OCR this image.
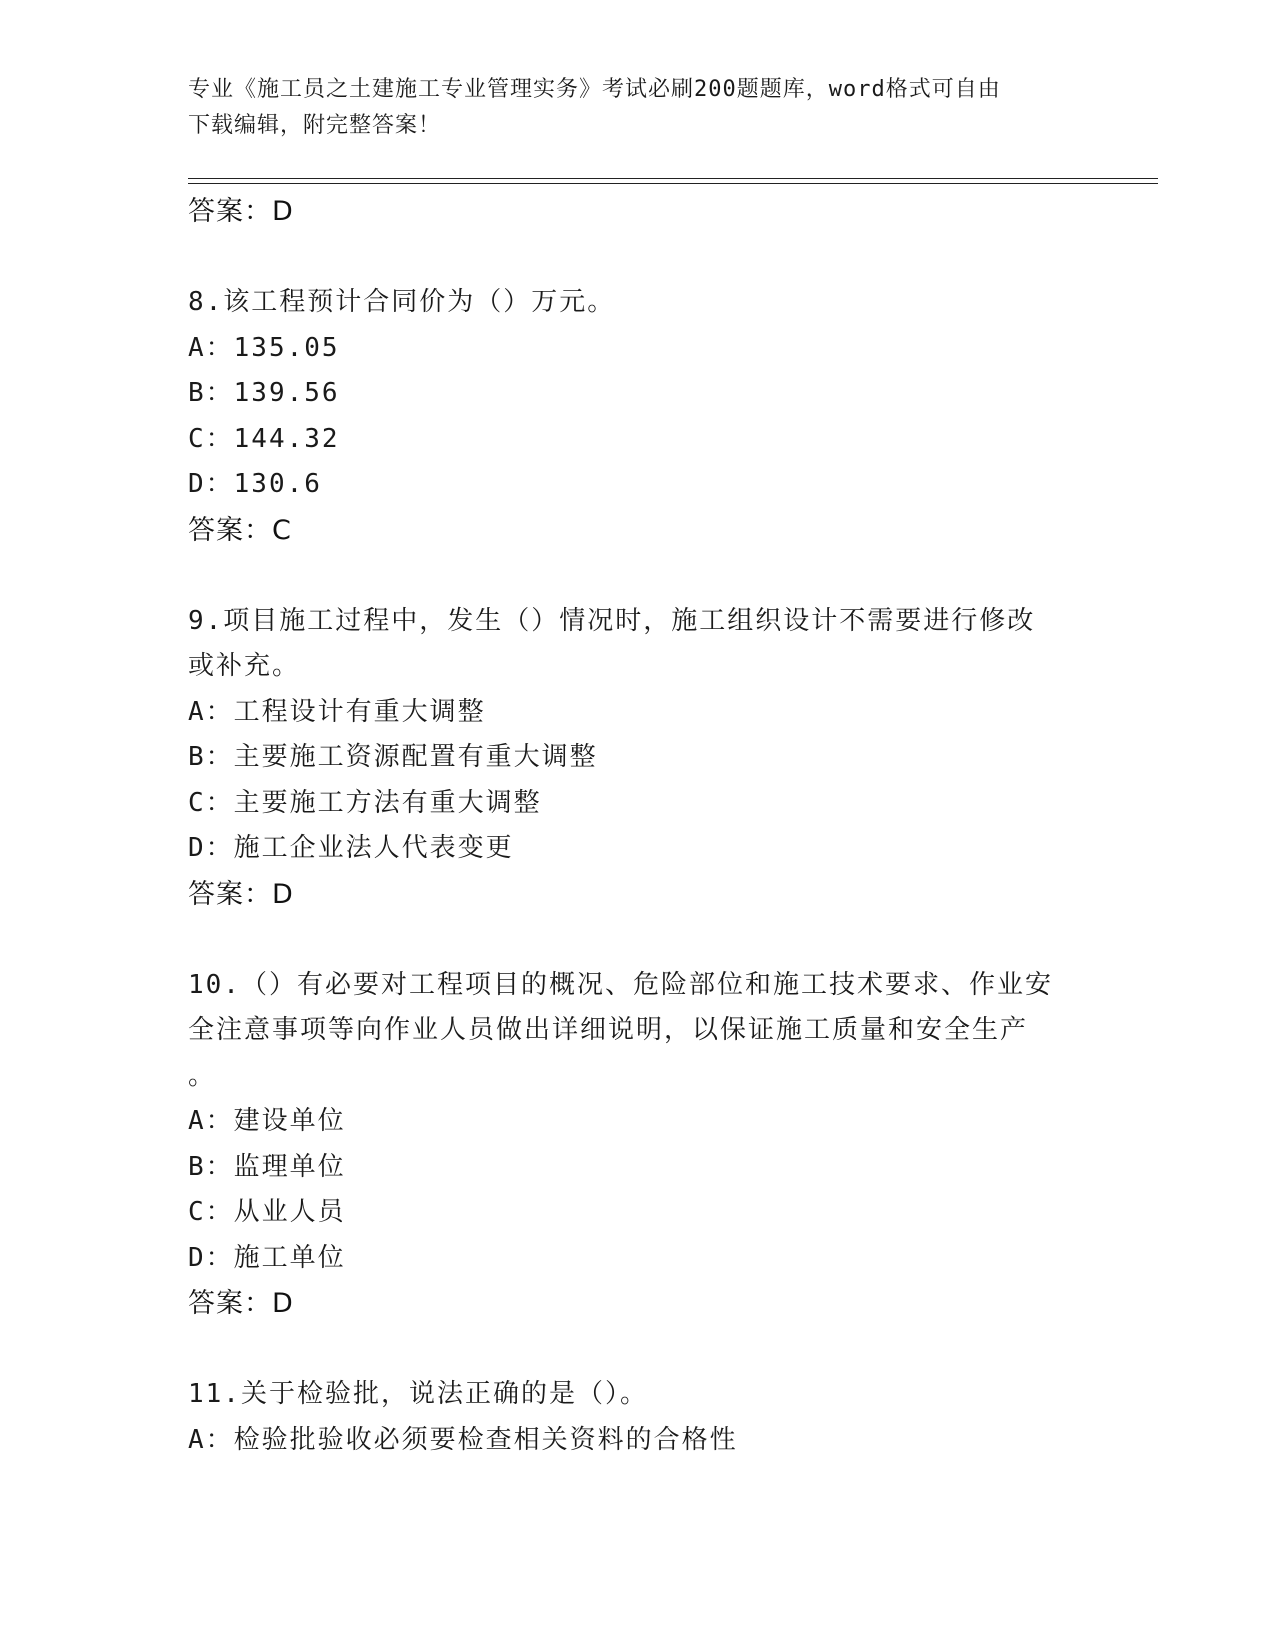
专业《施工员之土建施工专业管理实务》考试必刷200题题库，word格式可自由
下载编辑，附完整答案！
答案：D
8.该工程预计合同价为（）万元。
A：135.05
B：139.56
C：144.32
D：130.6
答案：C
9.项目施工过程中，发生（）情况时，施工组织设计不需要进行修改
或补充。
A：工程设计有重大调整
B：主要施工资源配置有重大调整
C：主要施工方法有重大调整
D：施工企业法人代表变更
答案：D
10.（）有必要对工程项目的概况、危险部位和施工技术要求、作业安
全注意事项等向作业人员做出详细说明，以保证施工质量和安全生产
。
A：建设单位
B：监理单位
C：从业人员
D：施工单位
答案：D
11.关于检验批，说法正确的是（）。
A：检验批验收必须要检查相关资料的合格性
